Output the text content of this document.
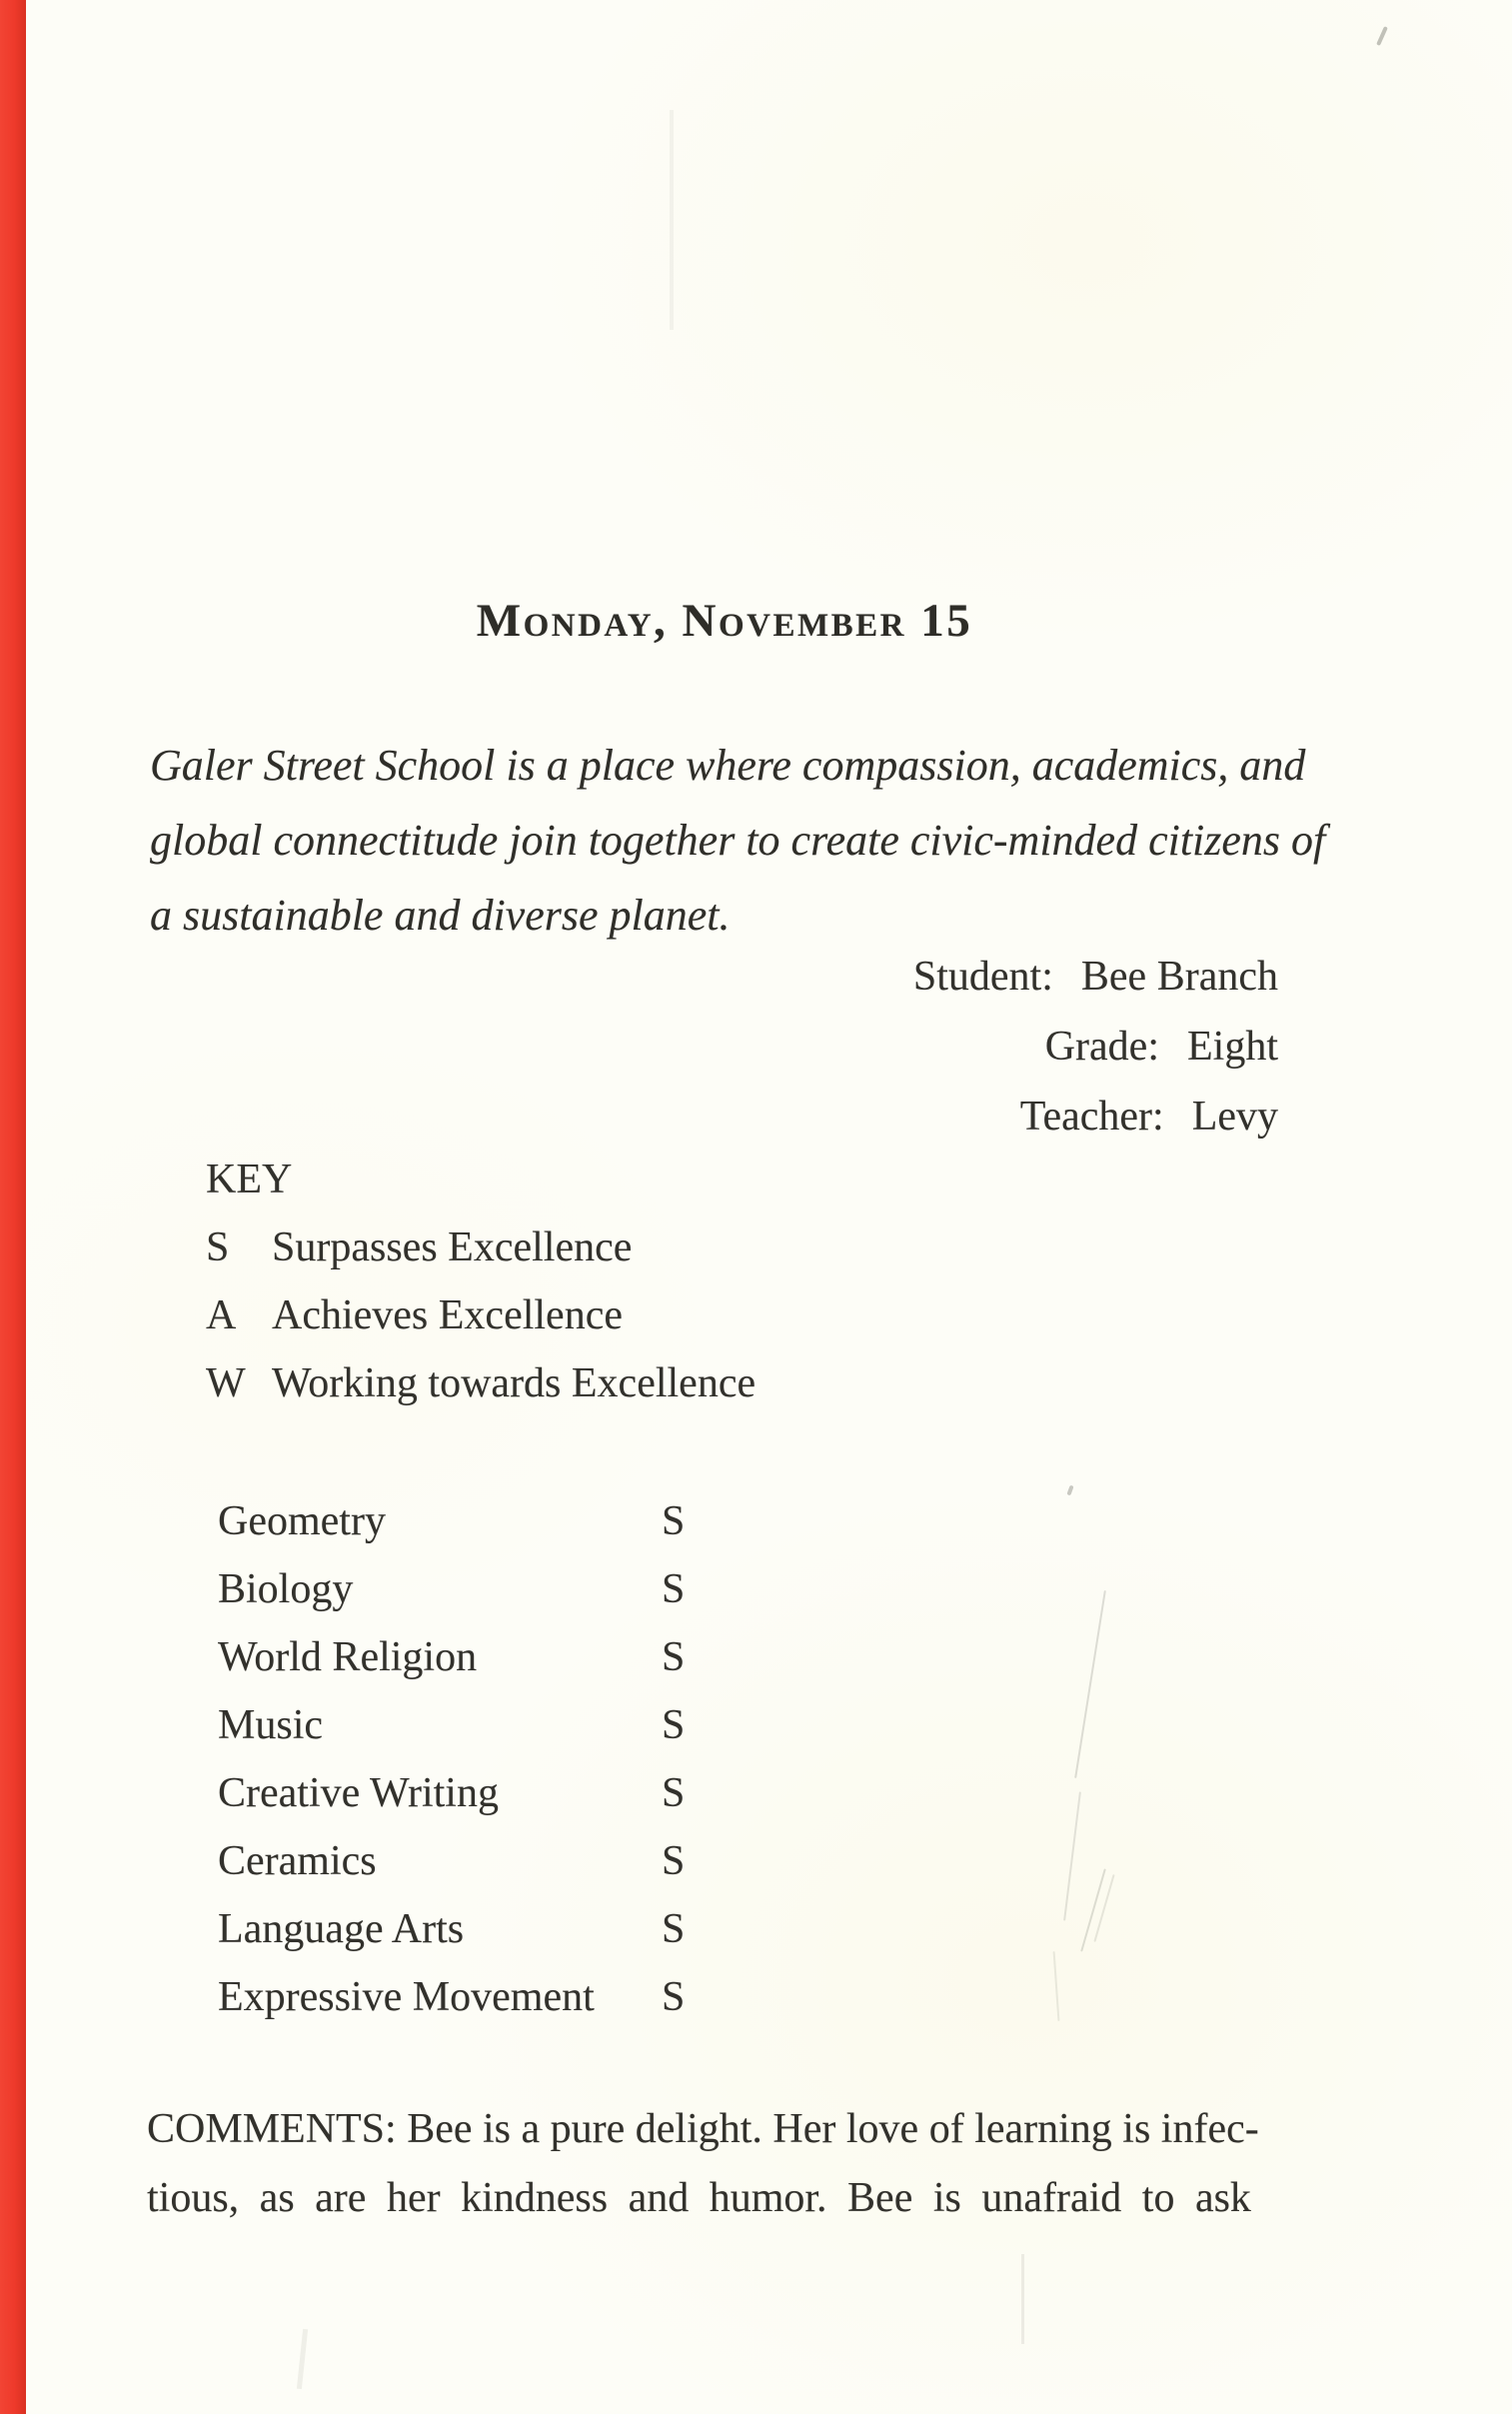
Monday, November 15
Galer Street School is a place where compassion, academics, and
global connectitude join together to create civic-minded citizens of
a sustainable and diverse planet.
Student: Bee Branch
Grade: Eight
Teacher: Levy
KEY
S	Surpasses Excellence
A Achieves Excellence
W Working towards Excellence
Geometry	S
Biology	S
World Religion	S
Music	S
Creative Writing	S
Ceramics	S
Language Arts	S
Expressive Movement S
COMMENTS: Bee is a pure delight. Her love of learning is infec-
tious, as are her kindness and humor. Bee is unafraid to ask
